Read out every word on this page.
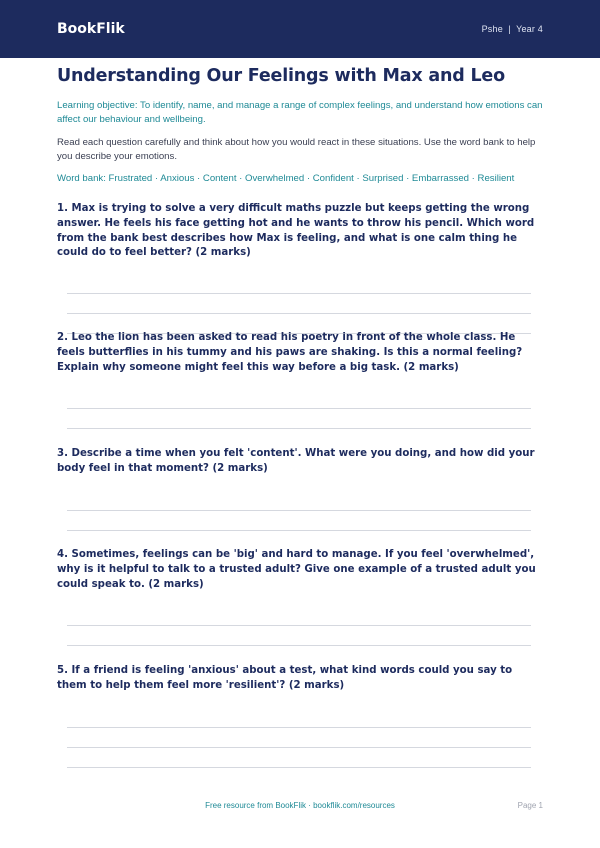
BookFlik	Pshe  |  Year 4
Understanding Our Feelings with Max and Leo
Learning objective: To identify, name, and manage a range of complex feelings, and understand how emotions can affect our behaviour and wellbeing.
Read each question carefully and think about how you would react in these situations. Use the word bank to help you describe your emotions.
Word bank: Frustrated · Anxious · Content · Overwhelmed · Confident · Surprised · Embarrassed · Resilient

1. Max is trying to solve a very difficult maths puzzle but keeps getting the wrong answer. He feels his face getting hot and he wants to throw his pencil. Which word from the bank best describes how Max is feeling, and what is one calm thing he could do to feel better? (2 marks)

2. Leo the lion has been asked to read his poetry in front of the whole class. He feels butterflies in his tummy and his paws are shaking. Is this a normal feeling? Explain why someone might feel this way before a big task. (2 marks)

3. Describe a time when you felt 'content'. What were you doing, and how did your body feel in that moment? (2 marks)

4. Sometimes, feelings can be 'big' and hard to manage. If you feel 'overwhelmed', why is it helpful to talk to a trusted adult? Give one example of a trusted adult you could speak to. (2 marks)

5. If a friend is feeling 'anxious' about a test, what kind words could you say to them to help them feel more 'resilient'? (2 marks)

Free resource from BookFlik · bookflik.com/resources	Page 1
